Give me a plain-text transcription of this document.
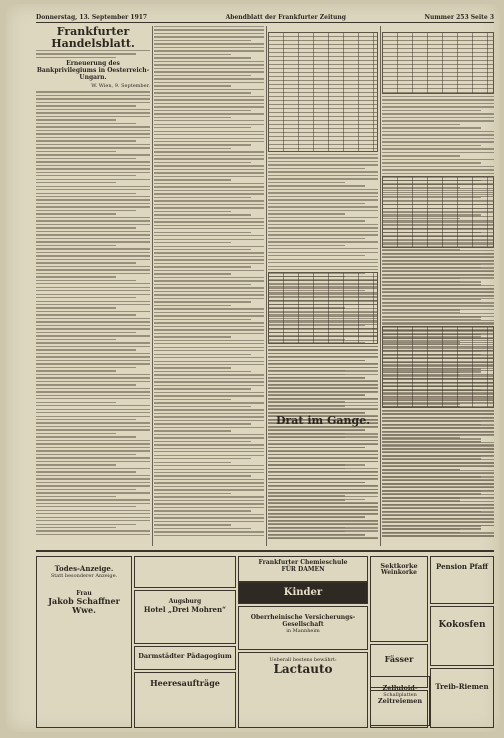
Donnerstag, 13. September 1917	Abendblatt der Frankfurter Zeitung	Nummer 253 Seite 3

Frankfurter Handelsblatt.

Erneuerung des Bankprivilegiums in Oesterreich-Ungarn.

W. Wien, 9. September.

Drat im Gange.
Todes-Anzeige.
Statt besonderer Anzeige.
Frau
Jakob Schaffner Wwe.
Augsburg
Hotel „Drei Mohren“
Darmstädter Pädagogium
Heeresaufträge
Frankfurter Chemieschule
FÜR DAMEN
Kinder
Oberrheinische Versicherungs-Gesellschaft
in Mannheim
Ueberall bestens bewährt:
Lactauto
Sektkorke
Weinkorke
Fässer
Pension Pfaff
Kokosfen
Treib-Riemen
Zelluloid-
Schallplatten
Zeitreiemen
